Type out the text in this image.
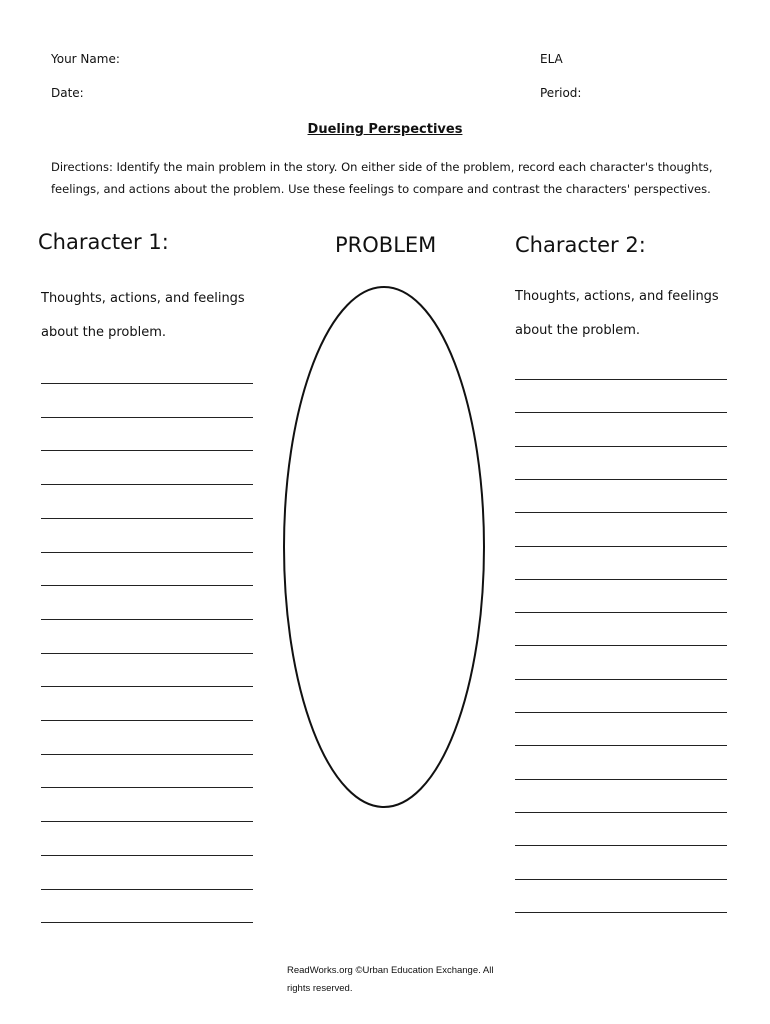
Your Name:	ELA
Date:	Period:
Dueling Perspectives
Directions: Identify the main problem in the story. On either side of the problem, record each character's thoughts, feelings, and actions about the problem. Use these feelings to compare and contrast the characters' perspectives.
Character 1:	PROBLEM	Character 2:
Thoughts, actions, and feelings about the problem.
Thoughts, actions, and feelings about the problem.
ReadWorks.org ©Urban Education Exchange. All rights reserved.
